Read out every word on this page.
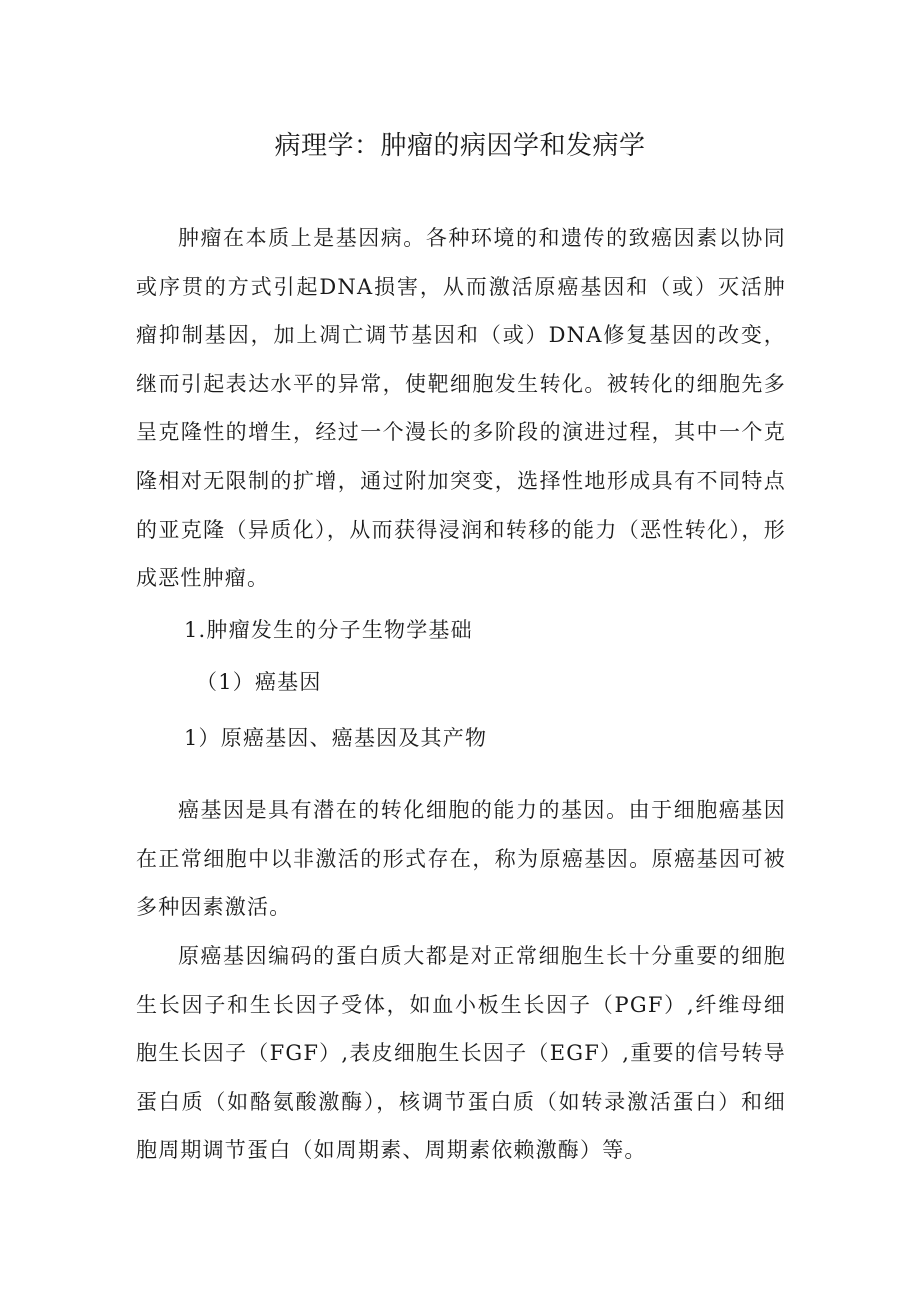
病理学：肿瘤的病因学和发病学

肿瘤在本质上是基因病。各种环境的和遗传的致癌因素以协同或序贯的方式引起DNA损害，从而激活原癌基因和（或）灭活肿瘤抑制基因，加上凋亡调节基因和（或）DNA修复基因的改变，继而引起表达水平的异常，使靶细胞发生转化。被转化的细胞先多呈克隆性的增生，经过一个漫长的多阶段的演进过程，其中一个克隆相对无限制的扩增，通过附加突变，选择性地形成具有不同特点的亚克隆（异质化），从而获得浸润和转移的能力（恶性转化），形成恶性肿瘤。

1.肿瘤发生的分子生物学基础

（1）癌基因

1）原癌基因、癌基因及其产物

癌基因是具有潜在的转化细胞的能力的基因。由于细胞癌基因在正常细胞中以非激活的形式存在，称为原癌基因。原癌基因可被多种因素激活。

原癌基因编码的蛋白质大都是对正常细胞生长十分重要的细胞生长因子和生长因子受体，如血小板生长因子（PGF）,纤维母细胞生长因子（FGF）,表皮细胞生长因子（EGF）,重要的信号转导蛋白质（如酪氨酸激酶），核调节蛋白质（如转录激活蛋白）和细胞周期调节蛋白（如周期素、周期素依赖激酶）等。
